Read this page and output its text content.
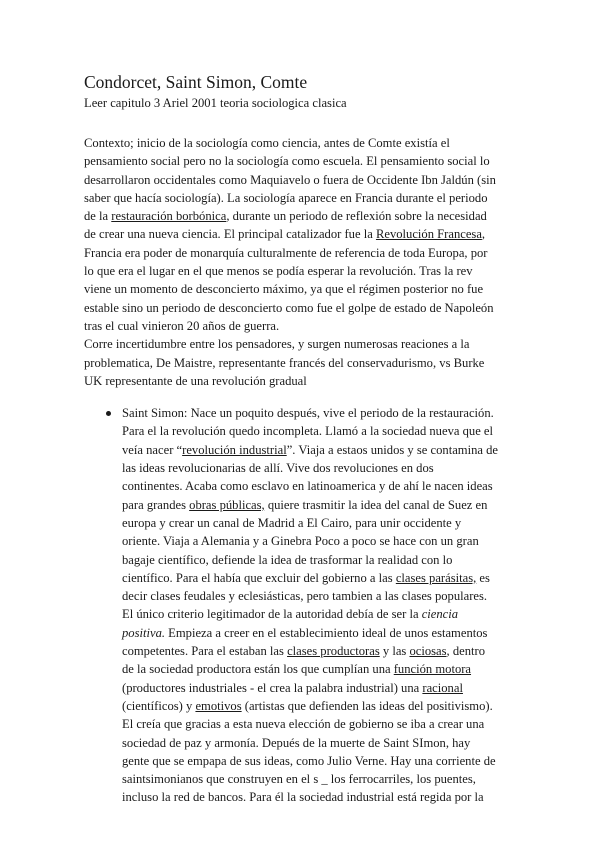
Condorcet, Saint Simon, Comte

Leer capitulo 3 Ariel 2001 teoria sociologica clasica

Contexto; inicio de la sociología como ciencia, antes de Comte existía el
pensamiento social pero no la sociología como escuela. El pensamiento social lo
desarrollaron occidentales como Maquiavelo o fuera de Occidente Ibn Jaldún (sin
saber que hacía sociología). La sociología aparece en Francia durante el periodo
de la restauración borbónica, durante un periodo de reflexión sobre la necesidad
de crear una nueva ciencia. El principal catalizador fue la Revolución Francesa,
Francia era poder de monarquía culturalmente de referencia de toda Europa, por
lo que era el lugar en el que menos se podía esperar la revolución. Tras la rev
viene un momento de desconcierto máximo, ya que el régimen posterior no fue
estable sino un periodo de desconcierto como fue el golpe de estado de Napoleón
tras el cual vinieron 20 años de guerra.
Corre incertidumbre entre los pensadores, y surgen numerosas reaciones a la
problematica, De Maistre, representante francés del conservadurismo, vs Burke
UK representante de una revolución gradual
Saint Simon: Nace un poquito después, vive el periodo de la restauración.
Para el la revolución quedo incompleta. Llamó a la sociedad nueva que el
veía nacer “revolución industrial”. Viaja a estaos unidos y se contamina de
las ideas revolucionarias de allí. Vive dos revoluciones en dos
continentes. Acaba como esclavo en latinoamerica y de ahí le nacen ideas
para grandes obras públicas, quiere trasmitir la idea del canal de Suez en
europa y crear un canal de Madrid a El Cairo, para unir occidente y
oriente. Viaja a Alemania y a Ginebra Poco a poco se hace con un gran
bagaje científico, defiende la idea de trasformar la realidad con lo
científico. Para el había que excluir del gobierno a las clases parásitas, es
decir clases feudales y eclesiásticas, pero tambien a las clases populares.
El único criterio legitimador de la autoridad debía de ser la ciencia
positiva. Empieza a creer en el establecimiento ideal de unos estamentos
competentes. Para el estaban las clases productoras y las ociosas, dentro
de la sociedad productora están los que cumplían una función motora
(productores industriales - el crea la palabra industrial) una racional
(científicos) y emotivos (artistas que defienden las ideas del positivismo).
El creía que gracias a esta nueva elección de gobierno se iba a crear una
sociedad de paz y armonía. Depués de la muerte de Saint SImon, hay
gente que se empapa de sus ideas, como Julio Verne. Hay una corriente de
saintsimonianos que construyen en el s _ los ferrocarriles, los puentes,
incluso la red de bancos. Para él la sociedad industrial está regida por la
